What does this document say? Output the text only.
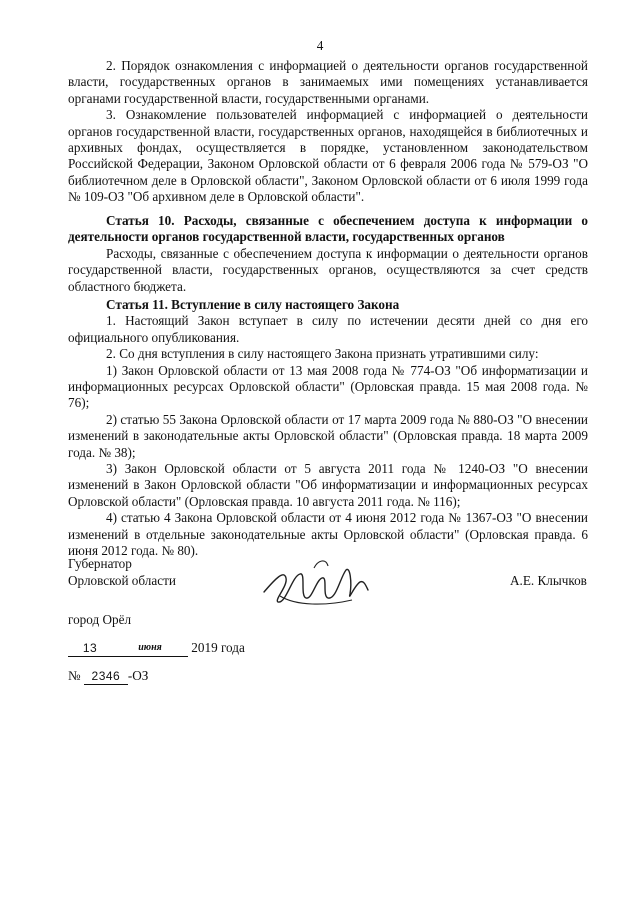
4

2. Порядок ознакомления с информацией о деятельности органов государственной власти, государственных органов в занимаемых ими помещениях устанавливается органами государственной власти, государственными органами.

3. Ознакомление пользователей информацией с информацией о деятельности органов государственной власти, государственных органов, находящейся в библиотечных и архивных фондах, осуществляется в порядке, установленном законодательством Российской Федерации, Законом Орловской области от 6 февраля 2006 года № 579-ОЗ "О библиотечном деле в Орловской области", Законом Орловской области от 6 июля 1999 года № 109-ОЗ "Об архивном деле в Орловской области".

Статья 10. Расходы, связанные с обеспечением доступа к информации о деятельности органов государственной власти, государственных органов

Расходы, связанные с обеспечением доступа к информации о деятельности органов государственной власти, государственных органов, осуществляются за счет средств областного бюджета.

Статья 11. Вступление в силу настоящего Закона

1. Настоящий Закон вступает в силу по истечении десяти дней со дня его официального опубликования.

2. Со дня вступления в силу настоящего Закона признать утратившими силу:

1) Закон Орловской области от 13 мая 2008 года № 774-ОЗ "Об информатизации и информационных ресурсах Орловской области" (Орловская правда. 15 мая 2008 года. № 76);

2) статью 55 Закона Орловской области от 17 марта 2009 года № 880-ОЗ "О внесении изменений в законодательные акты Орловской области" (Орловская правда. 18 марта 2009 года. № 38);

3) Закон Орловской области от 5 августа 2011 года № 1240-ОЗ "О внесении изменений в Закон Орловской области "Об информатизации и информационных ресурсах Орловской области" (Орловская правда. 10 августа 2011 года. № 116);

4) статью 4 Закона Орловской области от 4 июня 2012 года № 1367-ОЗ "О внесении изменений в отдельные законодательные акты Орловской области" (Орловская правда. 6 июня 2012 года. № 80).

Губернатор
Орловской области	А.Е. Клычков
город Орёл
13	июня 2019 года
№ 2346 -ОЗ
